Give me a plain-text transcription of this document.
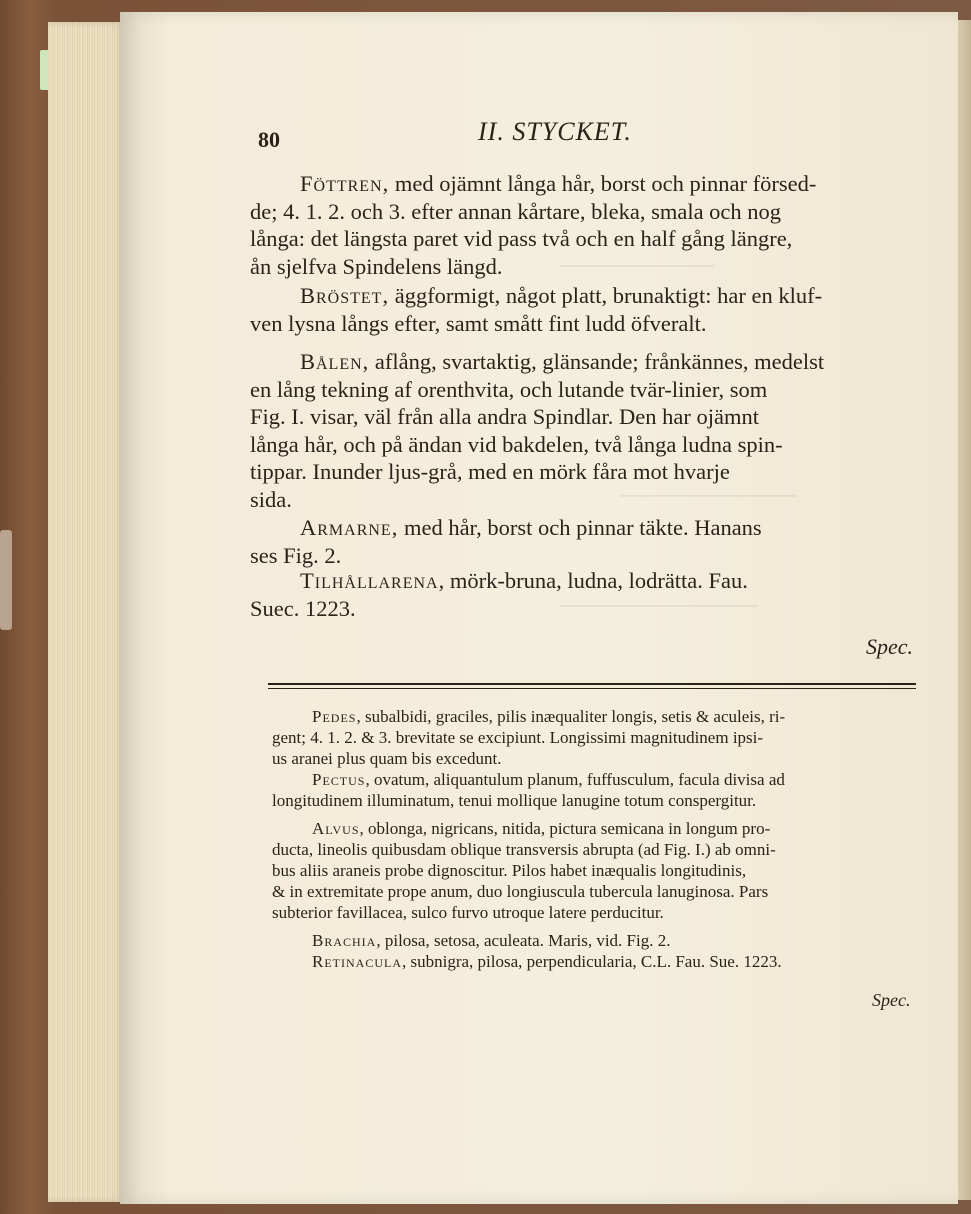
———————
————————
—————————
80	II. STYCKET.
Föttren, med ojämnt långa hår, borst och pinnar försed-
de; 4. 1. 2. och 3. efter annan kårtare, bleka, smala och nog
långa: det längsta paret vid pass två och en half gång längre,
ån sjelfva Spindelens längd.
Bröstet, äggformigt, något platt, brunaktigt: har en kluf-
ven lysna långs efter, samt smått fint ludd öfveralt.
Bålen, aflång, svartaktig, glänsande; frånkännes, medelst
en lång tekning af orenthvita, och lutande tvär-linier, som
Fig. I. visar, väl från alla andra Spindlar. Den har ojämnt
långa hår, och på ändan vid bakdelen, två långa ludna spin-
tippar. Inunder ljus-grå, med en mörk fåra mot hvarje
sida.
Armarne, med hår, borst och pinnar täkte. Hanans
ses Fig. 2.
Tilhållarena, mörk-bruna, ludna, lodrätta. Fau.
Suec. 1223.
Spec.
Pedes, subalbidi, graciles, pilis inæqualiter longis, setis & aculeis, ri-
gent; 4. 1. 2. & 3. brevitate se excipiunt. Longissimi magnitudinem ipsi-
us aranei plus quam bis excedunt.
Pectus, ovatum, aliquantulum planum, fuffusculum, facula divisa ad
longitudinem illuminatum, tenui mollique lanugine totum conspergitur.
Alvus, oblonga, nigricans, nitida, pictura semicana in longum pro-
ducta, lineolis quibusdam oblique transversis abrupta (ad Fig. I.) ab omni-
bus aliis araneis probe dignoscitur. Pilos habet inæqualis longitudinis,
& in extremitate prope anum, duo longiuscula tubercula lanuginosa. Pars
subterior favillacea, sulco furvo utroque latere perducitur.
Brachia, pilosa, setosa, aculeata. Maris, vid. Fig. 2.
Retinacula, subnigra, pilosa, perpendicularia, C.L. Fau. Sue. 1223.
Spec.
